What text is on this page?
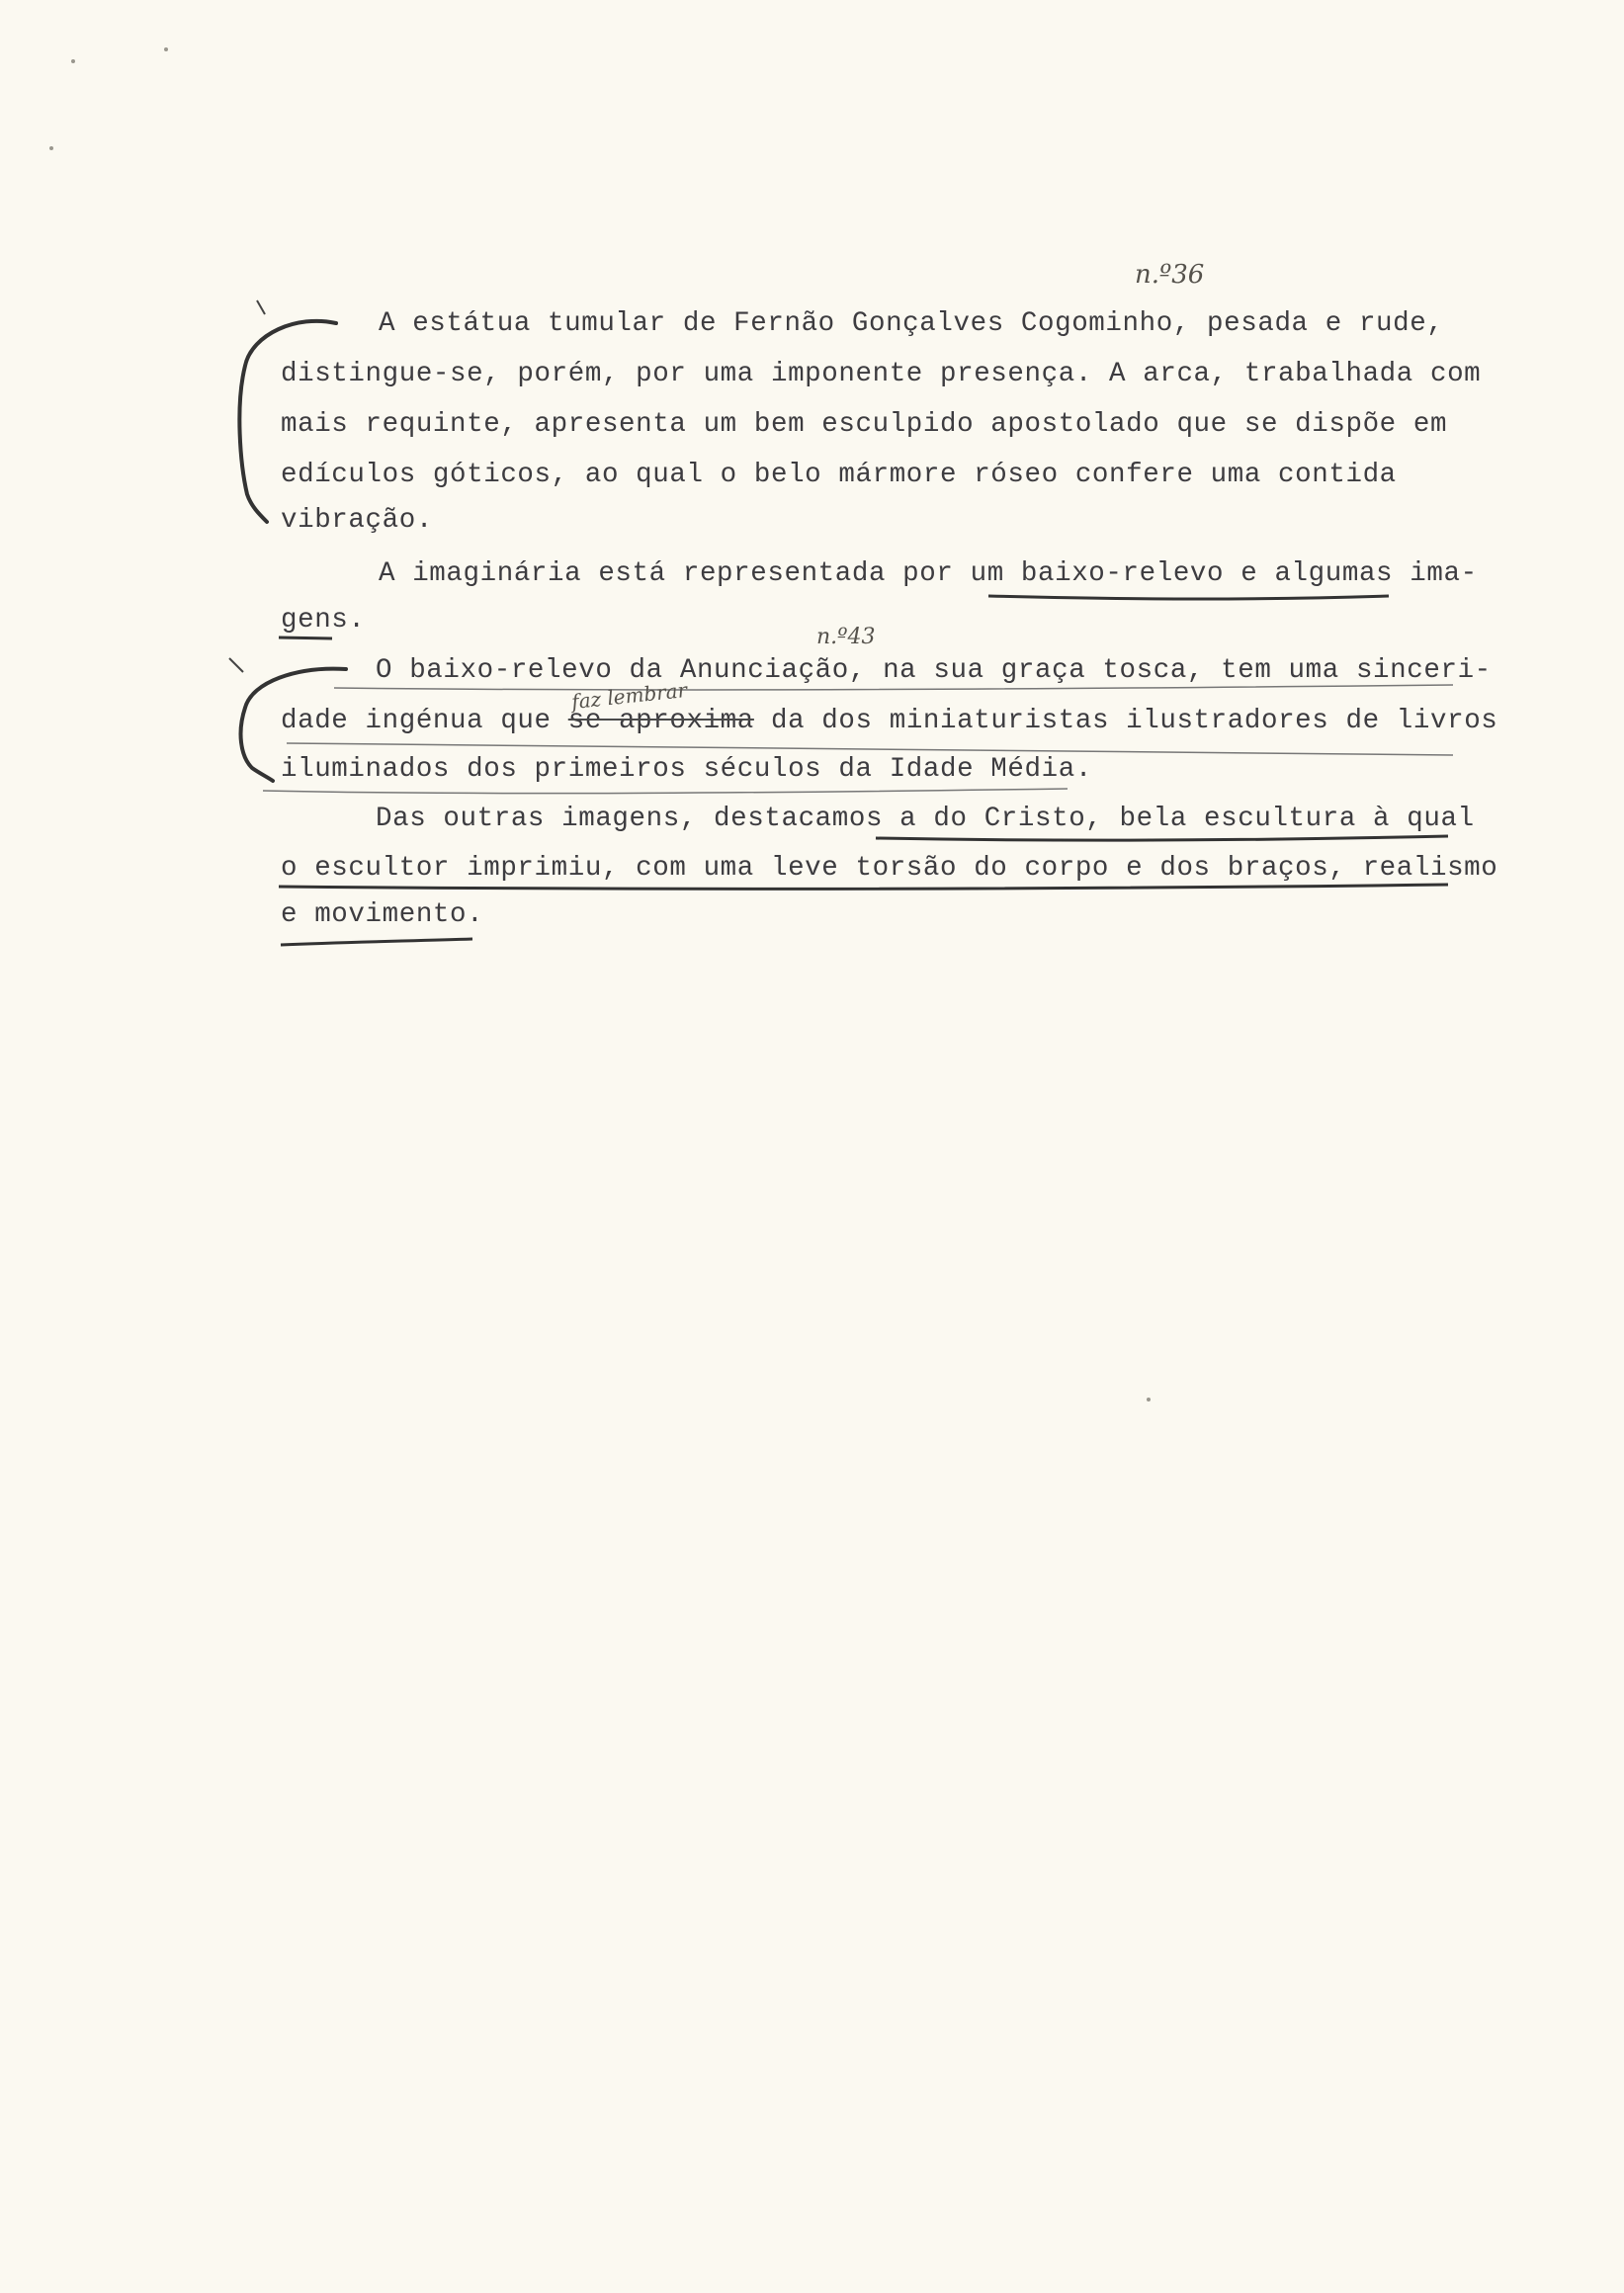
n.º36
n.º43
faz lembrar
A estátua tumular de Fernão Gonçalves Cogominho, pesada e rude,
distingue-se, porém, por uma imponente presença. A arca, trabalhada com
mais requinte, apresenta um bem esculpido apostolado que se dispõe em
edículos góticos, ao qual o belo mármore róseo confere uma contida
vibração.
A imaginária está representada por um baixo-relevo e algumas ima-
gens.
O baixo-relevo da Anunciação, na sua graça tosca, tem uma sinceri-
dade ingénua que se aproxima da dos miniaturistas ilustradores de livros
iluminados dos primeiros séculos da Idade Média.
Das outras imagens, destacamos a do Cristo, bela escultura à qual
o escultor imprimiu, com uma leve torsão do corpo e dos braços, realismo
e movimento.
